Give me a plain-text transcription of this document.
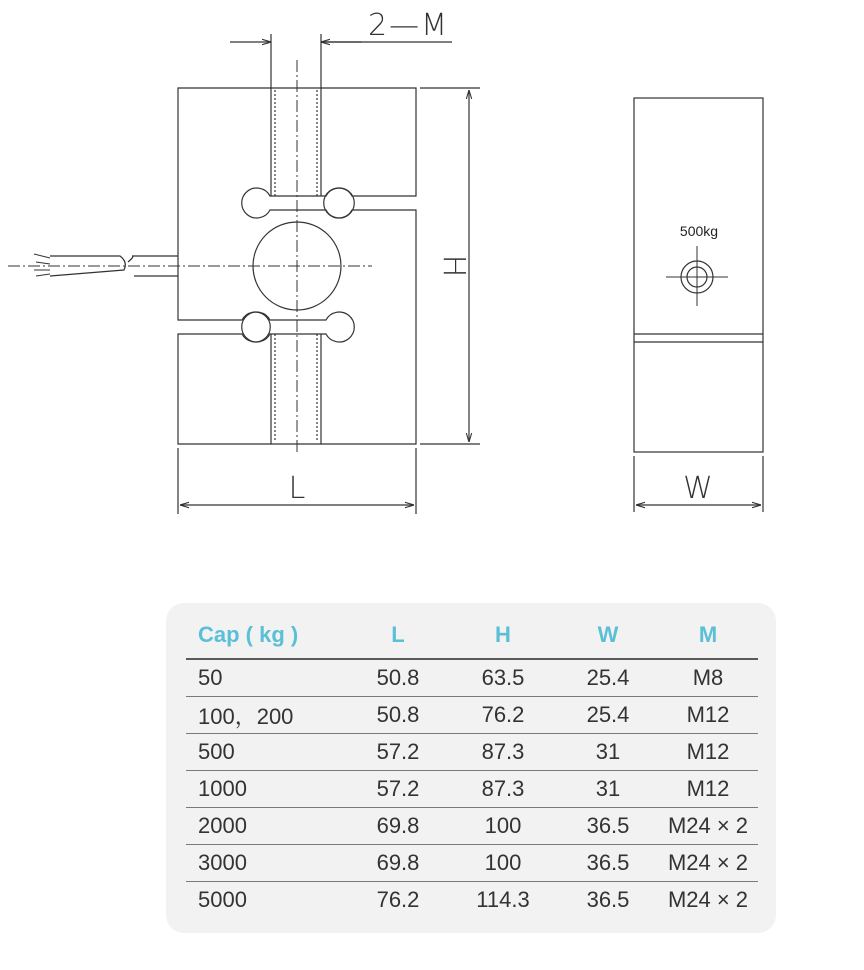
2—M
H
L	W
500kg
Cap ( kg )	L	H	W	M
50	50.8	63.5	25.4	M8
100，200	50.8	76.2	25.4	M12
500	57.2	87.3	31	M12
1000	57.2	87.3	31	M12
2000	69.8	100	36.5	M24 × 2
3000	69.8	100	36.5	M24 × 2
5000	76.2	114.3	36.5	M24 × 2
